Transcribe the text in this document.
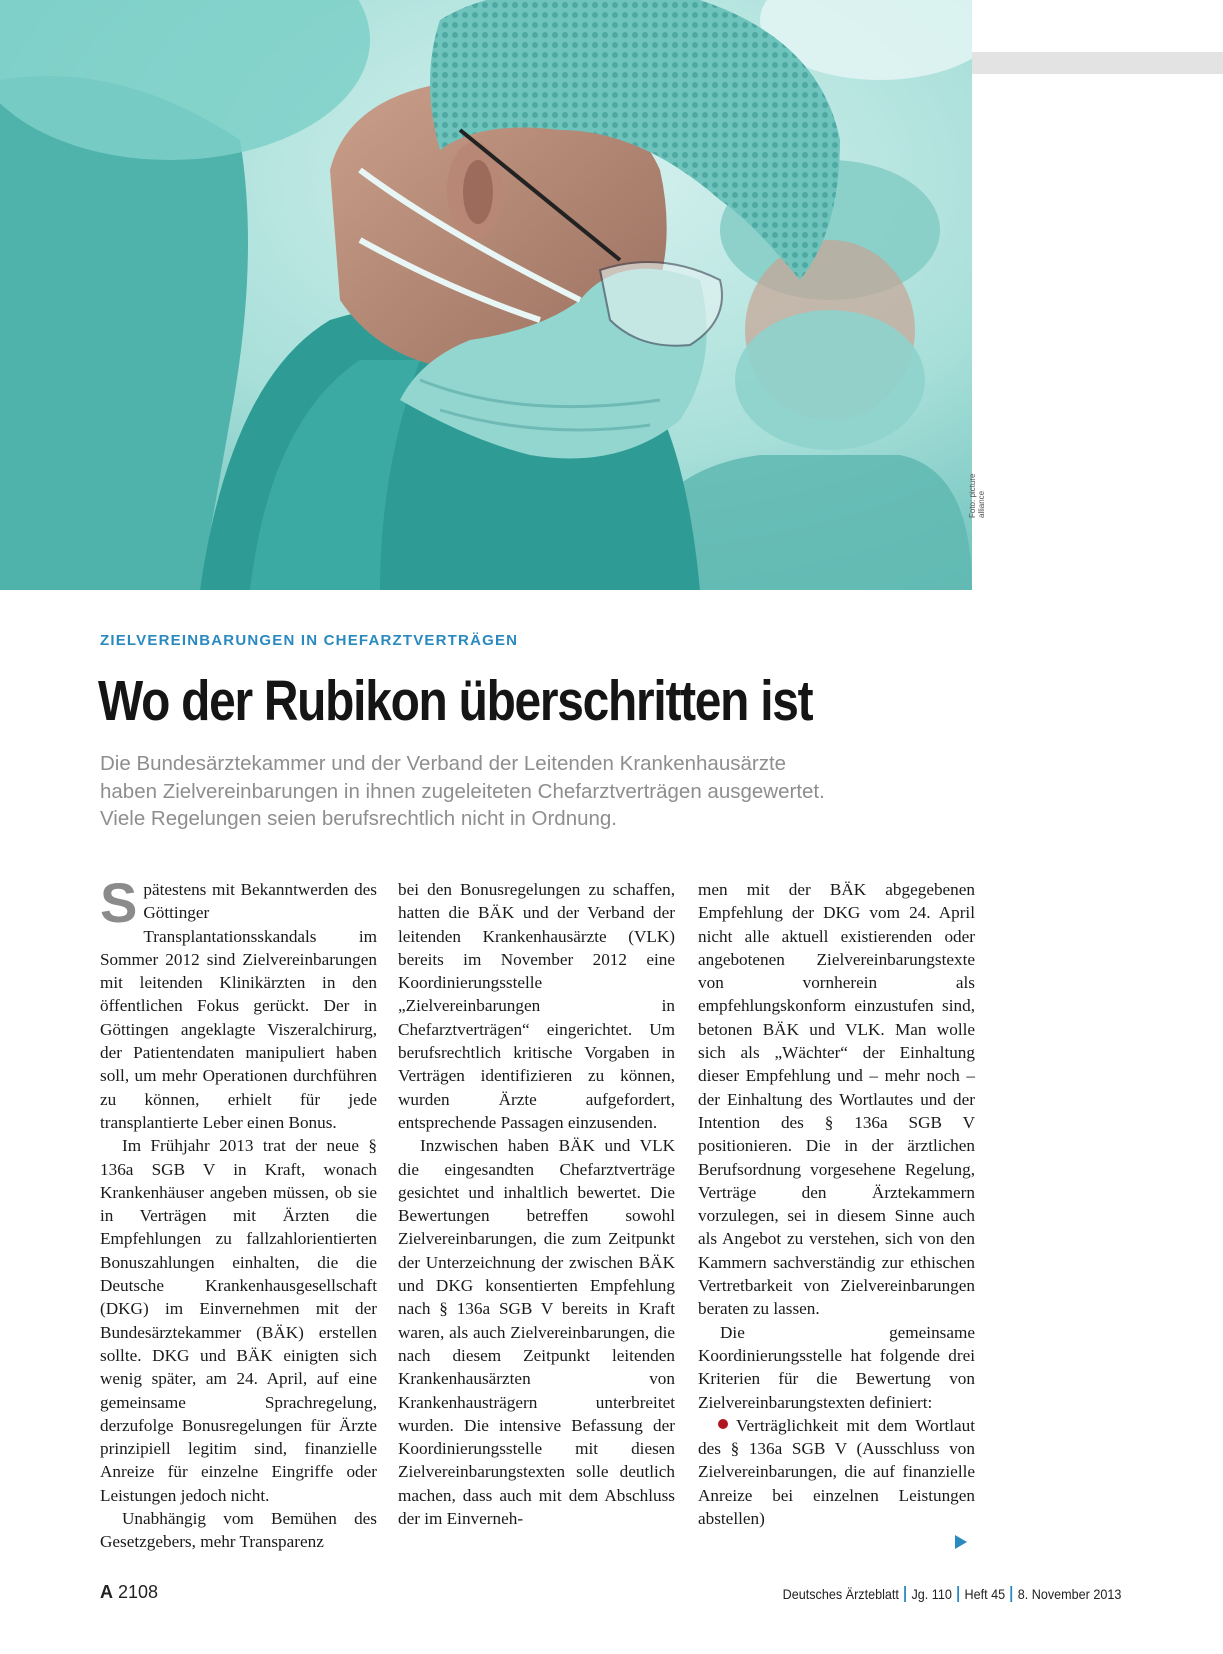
Foto: picture alliance
ZIELVEREINBARUNGEN IN CHEFARZTVERTRÄGEN
Wo der Rubikon überschritten ist
Die Bundesärztekammer und der Verband der Leitenden Krankenhausärzte
haben Zielvereinbarungen in ihnen zugeleiteten Chefarztverträgen ausgewertet.
Viele Regelungen seien berufsrechtlich nicht in Ordnung.

Spätestens mit Bekanntwerden des Göttinger Transplantationsskandals im Sommer 2012 sind Zielvereinbarungen mit leitenden Klinikärzten in den öffentlichen Fokus gerückt. Der in Göttingen angeklagte Viszeralchirurg, der Patientendaten manipuliert haben soll, um mehr Operationen durchführen zu können, erhielt für jede transplantierte Leber einen Bonus.

Im Frühjahr 2013 trat der neue § 136a SGB V in Kraft, wonach Krankenhäuser angeben müssen, ob sie in Verträgen mit Ärzten die Empfehlungen zu fallzahlorientierten Bonuszahlungen einhalten, die die Deutsche Krankenhausgesellschaft (DKG) im Einvernehmen mit der Bundesärztekammer (BÄK) erstellen sollte. DKG und BÄK einigten sich wenig später, am 24. April, auf eine gemeinsame Sprachregelung, derzufolge Bonusregelungen für Ärzte prinzipiell legitim sind, finanzielle Anreize für einzelne Eingriffe oder Leistungen jedoch nicht.

Unabhängig vom Bemühen des Gesetzgebers, mehr Transparenz

bei den Bonusregelungen zu schaffen, hatten die BÄK und der Verband der leitenden Krankenhausärzte (VLK) bereits im November 2012 eine Koordinierungsstelle „Zielvereinbarungen in Chefarztverträgen“ eingerichtet. Um berufsrechtlich kritische Vorgaben in Verträgen identifizieren zu können, wurden Ärzte aufgefordert, entsprechende Passagen einzusenden.

Inzwischen haben BÄK und VLK die eingesandten Chefarztverträge gesichtet und inhaltlich bewertet. Die Bewertungen betreffen sowohl Zielvereinbarungen, die zum Zeitpunkt der Unterzeichnung der zwischen BÄK und DKG konsentierten Empfehlung nach § 136a SGB V bereits in Kraft waren, als auch Zielvereinbarungen, die nach diesem Zeitpunkt leitenden Krankenhausärzten von Krankenhausträgern unterbreitet wurden. Die intensive Befassung der Koordinierungsstelle mit diesen Zielvereinbarungstexten solle deutlich machen, dass auch mit dem Abschluss der im Einverneh-

men mit der BÄK abgegebenen Empfehlung der DKG vom 24. April nicht alle aktuell existierenden oder angebotenen Zielvereinbarungstexte von vornherein als empfehlungskonform einzustufen sind, betonen BÄK und VLK. Man wolle sich als „Wächter“ der Einhaltung dieser Empfehlung und – mehr noch – der Einhaltung des Wortlautes und der Intention des § 136a SGB V positionieren. Die in der ärztlichen Berufsordnung vorgesehene Regelung, Verträge den Ärztekammern vorzulegen, sei in diesem Sinne auch als Angebot zu verstehen, sich von den Kammern sachverständig zur ethischen Vertretbarkeit von Zielvereinbarungen beraten zu lassen.

Die gemeinsame Koordinierungsstelle hat folgende drei Kriterien für die Bewertung von Zielvereinbarungstexten definiert:

Verträglichkeit mit dem Wortlaut des § 136a SGB V (Ausschluss von Zielvereinbarungen, die auf finanzielle Anreize bei einzelnen Leistungen abstellen)

A 2108	Deutsches Ärzteblatt Jg. 110 Heft 45 8. November 2013
